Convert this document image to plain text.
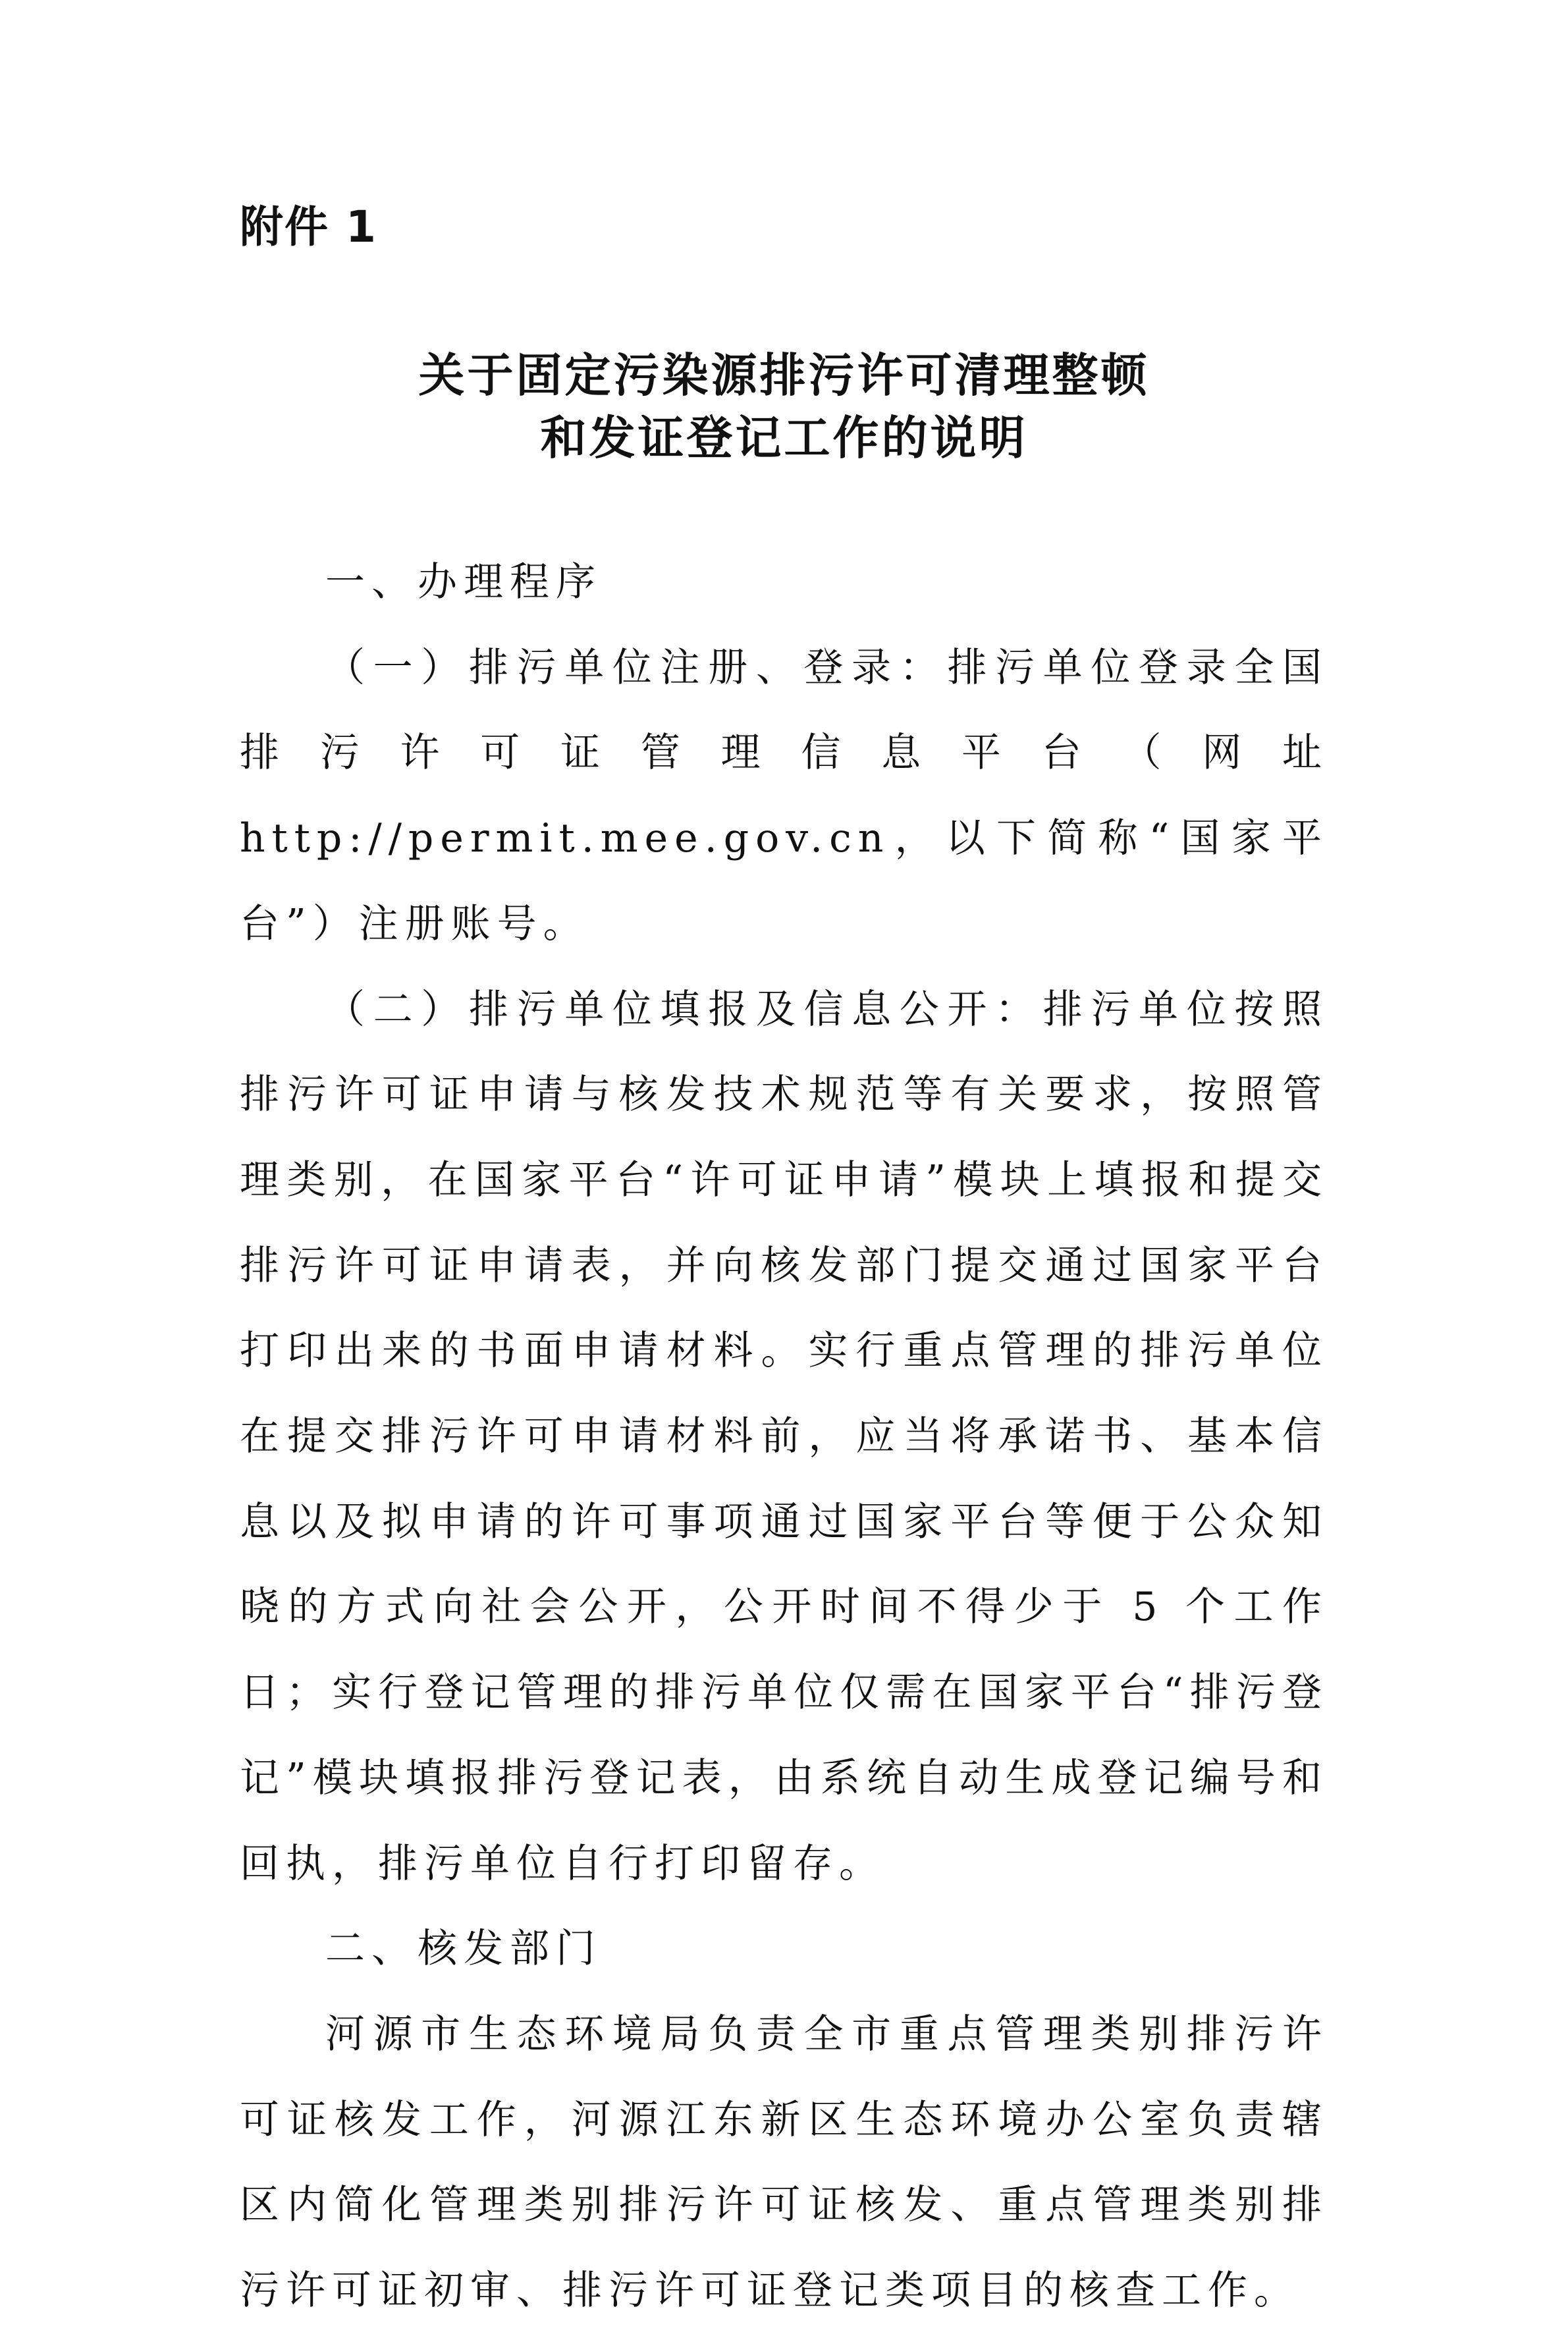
附件 1
关于固定污染源排污许可清理整顿
和发证登记工作的说明

一、办理程序

（一）排污单位注册、登录：排污单位登录全国排污许可证管理信息平台（网址 http://permit.mee.gov.cn，以下简称“国家平台”）注册账号。

（二）排污单位填报及信息公开：排污单位按照排污许可证申请与核发技术规范等有关要求，按照管理类别，在国家平台“许可证申请”模块上填报和提交排污许可证申请表，并向核发部门提交通过国家平台打印出来的书面申请材料。实行重点管理的排污单位在提交排污许可申请材料前，应当将承诺书、基本信息以及拟申请的许可事项通过国家平台等便于公众知晓的方式向社会公开，公开时间不得少于 5 个工作日；实行登记管理的排污单位仅需在国家平台“排污登记”模块填报排污登记表，由系统自动生成登记编号和回执，排污单位自行打印留存。

二、核发部门

河源市生态环境局负责全市重点管理类别排污许可证核发工作，河源江东新区生态环境办公室负责辖区内简化管理类别排污许可证核发、重点管理类别排污许可证初审、排污许可证登记类项目的核查工作。
